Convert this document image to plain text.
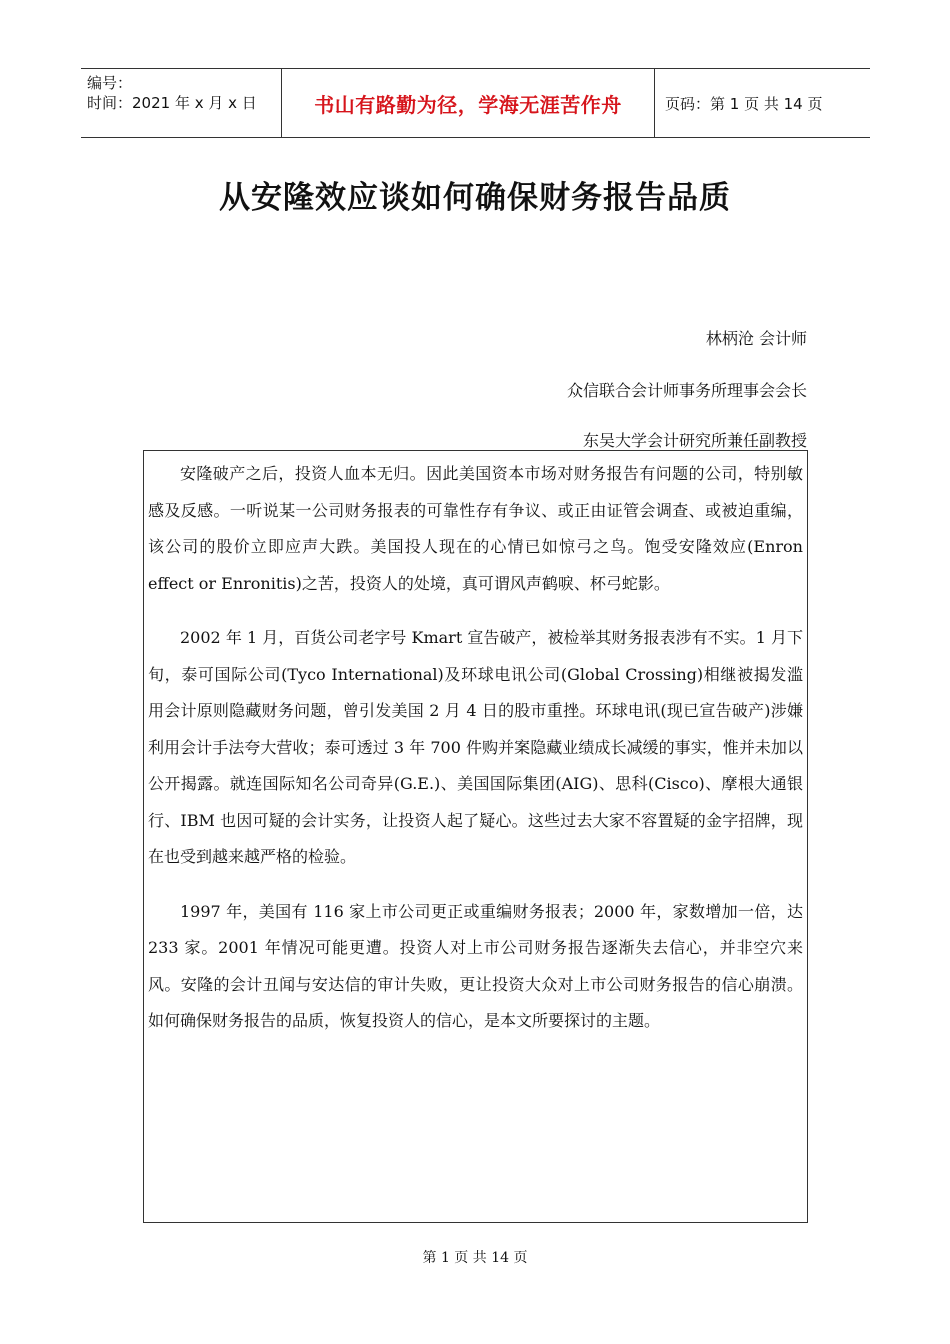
编号：
时间：2021 年 x 月 x 日	书山有路勤为径，学海无涯苦作舟	页码：第 1 页 共 14 页
从安隆效应谈如何确保财务报告品质
林柄沧 会计师
众信联合会计师事务所理事会会长
东吴大学会计研究所兼任副教授

安隆破产之后，投资人血本无归。因此美国资本市场对财务报告有问题的公司，特别敏感及反感。一听说某一公司财务报表的可靠性存有争议、或正由证管会调查、或被迫重编，该公司的股价立即应声大跌。美国投人现在的心情已如惊弓之鸟。饱受安隆效应(Enron effect or Enronitis)之苦，投资人的处境，真可谓风声鹤唳、杯弓蛇影。

2002 年 1 月，百货公司老字号 Kmart 宣告破产，被检举其财务报表涉有不实。1 月下旬，泰可国际公司(Tyco International)及环球电讯公司(Global Crossing)相继被揭发滥用会计原则隐藏财务问题，曾引发美国 2 月 4 日的股市重挫。环球电讯(现已宣告破产)涉嫌利用会计手法夸大营收；泰可透过 3 年 700 件购并案隐藏业绩成长减缓的事实，惟并未加以公开揭露。就连国际知名公司奇异(G.E.)、美国国际集团(AIG)、思科(Cisco)、摩根大通银行、IBM 也因可疑的会计实务，让投资人起了疑心。这些过去大家不容置疑的金字招牌，现在也受到越来越严格的检验。

1997 年，美国有 116 家上市公司更正或重编财务报表；2000 年，家数增加一倍，达 233 家。2001 年情况可能更遭。投资人对上市公司财务报告逐渐失去信心，并非空穴来风。安隆的会计丑闻与安达信的审计失败，更让投资大众对上市公司财务报告的信心崩溃。如何确保财务报告的品质，恢复投资人的信心，是本文所要探讨的主题。

第 1 页 共 14 页
